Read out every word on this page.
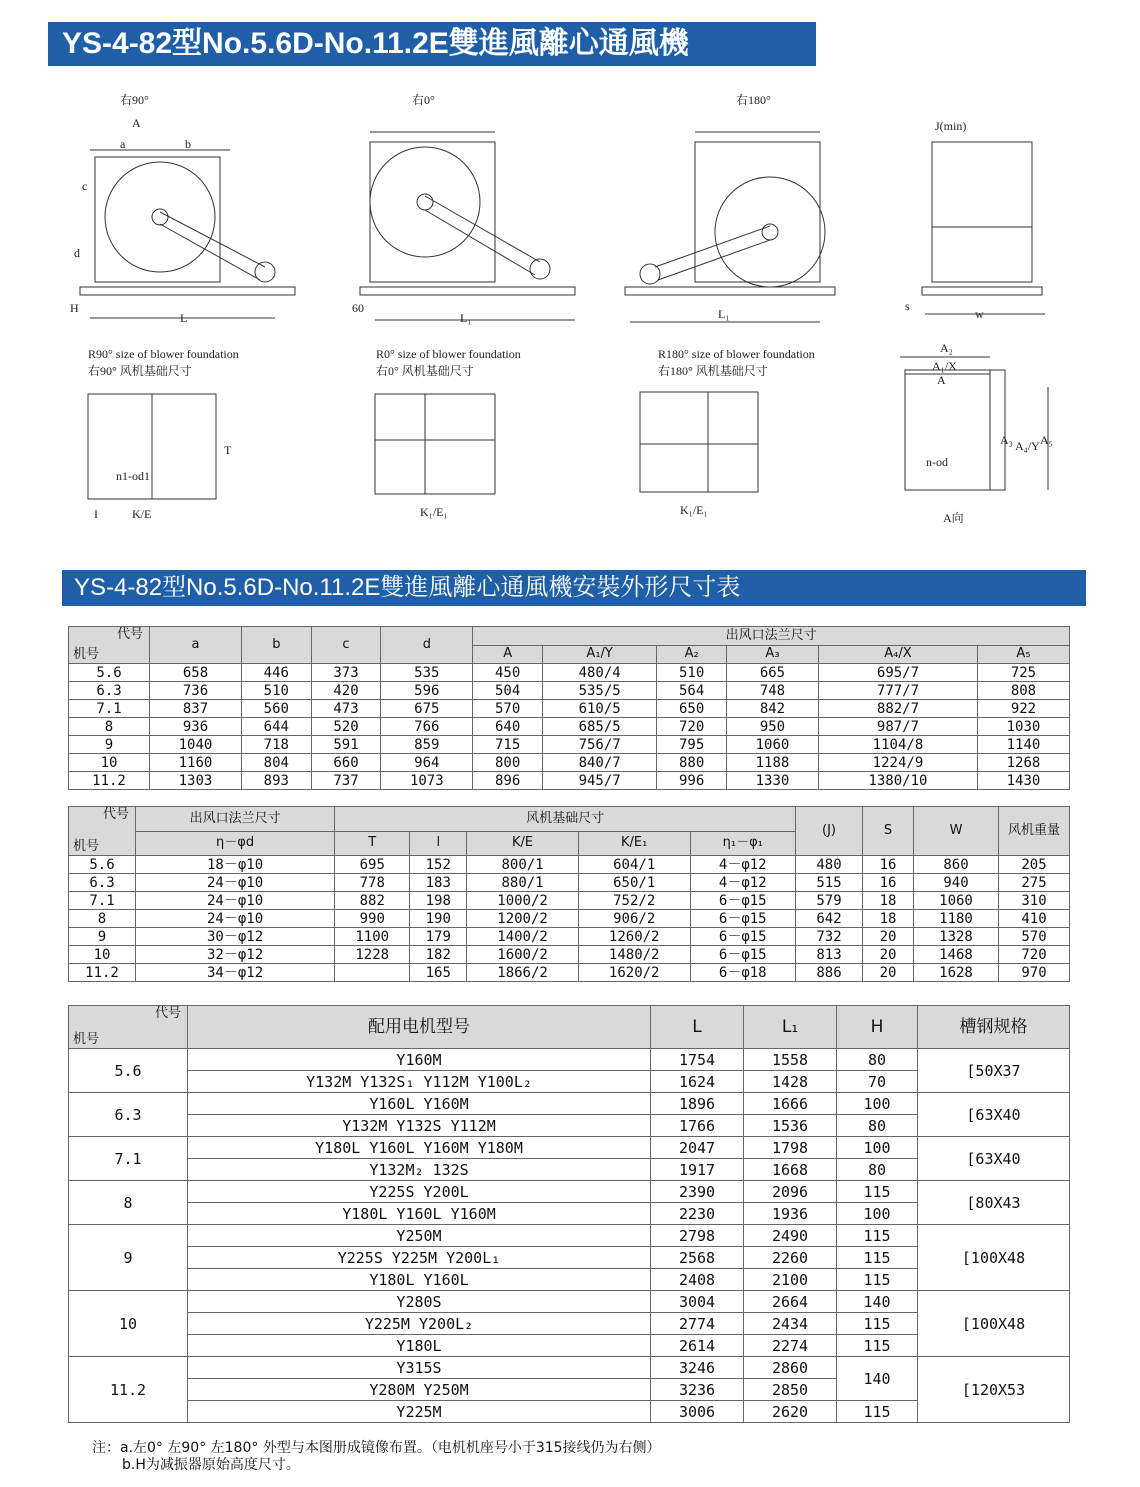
YS-4-82型No.5.6D-No.11.2E雙進風離心通風機
右90°	右0°	右180°
A
a	b
c
d
H
L
60
L₁	L₁
J(min)
s
w
R90° size of blower foundation
右90° 风机基础尺寸
R0° size of blower foundation
右0° 风机基础尺寸
R180° size of blower foundation
右180° 风机基础尺寸
n1-od1
T
I	K/E	K₁/E₁	K₁/E₁
A₂
A₁/X
A
A₃ A₄/Y A₅
n-od
A向
YS-4-82型No.5.6D-No.11.2E雙進風離心通風機安裝外形尺寸表
代号
机号	a	b	c	d	出风口法兰尺寸					
					A	A₁/Y	A₂	A₃	A₄/X	A₅
5.6	658	446	373	535	450	480/4	510	665	695/7	725
6.3	736	510	420	596	504	535/5	564	748	777/7	808
7.1	837	560	473	675	570	610/5	650	842	882/7	922
8	936	644	520	766	640	685/5	720	950	987/7	1030
9	1040	718	591	859	715	756/7	795	1060	1104/8	1140
10	1160	804	660	964	800	840/7	880	1188	1224/9	1268
11.2	1303	893	737	1073	896	945/7	996	1330	1380/10	1430
代号
机号	出风口法兰尺寸	风机基础尺寸					(J)	S	W	风机重量
	η－φd	T	l	K/E	K/E₁	η₁－φ₁				
5.6	18－φ10	695	152	800/1	604/1	4－φ12	480	16	860	205
6.3	24－φ10	778	183	880/1	650/1	4－φ12	515	16	940	275
7.1	24－φ10	882	198	1000/2	752/2	6－φ15	579	18	1060	310
8	24－φ10	990	190	1200/2	906/2	6－φ15	642	18	1180	410
9	30－φ12	1100	179	1400/2	1260/2	6－φ15	732	20	1328	570
10	32－φ12	1228	182	1600/2	1480/2	6－φ15	813	20	1468	720
11.2	34－φ12		165	1866/2	1620/2	6－φ18	886	20	1628	970
代号
机号	配用电机型号	L	L₁	H	槽钢规格
5.6	Y160M	1754	1558	80	[50X37
	Y132M Y132S₁ Y112M Y100L₂	1624	1428	70	
6.3	Y160L Y160M	1896	1666	100	[63X40
	Y132M Y132S Y112M	1766	1536	80	
7.1	Y180L Y160L Y160M Y180M	2047	1798	100	[63X40
	Y132M₂ 132S	1917	1668	80	
8	Y225S Y200L	2390	2096	115	[80X43
	Y180L Y160L Y160M	2230	1936	100	
9	Y250M	2798	2490	115	[100X48
	Y225S Y225M Y200L₁	2568	2260	115	
	Y180L Y160L	2408	2100	115	
10	Y280S	3004	2664	140	[100X48
	Y225M Y200L₂	2774	2434	115	
	Y180L	2614	2274	115	
11.2	Y315S	3246	2860	140	[120X53
	Y280M Y250M	3236	2850		
	Y225M	3006	2620	115	
注：a.左0° 左90° 左180° 外型与本图册成镜像布置。（电机机座号小于315接线仍为右侧）
b.H为减振器原始高度尺寸。
